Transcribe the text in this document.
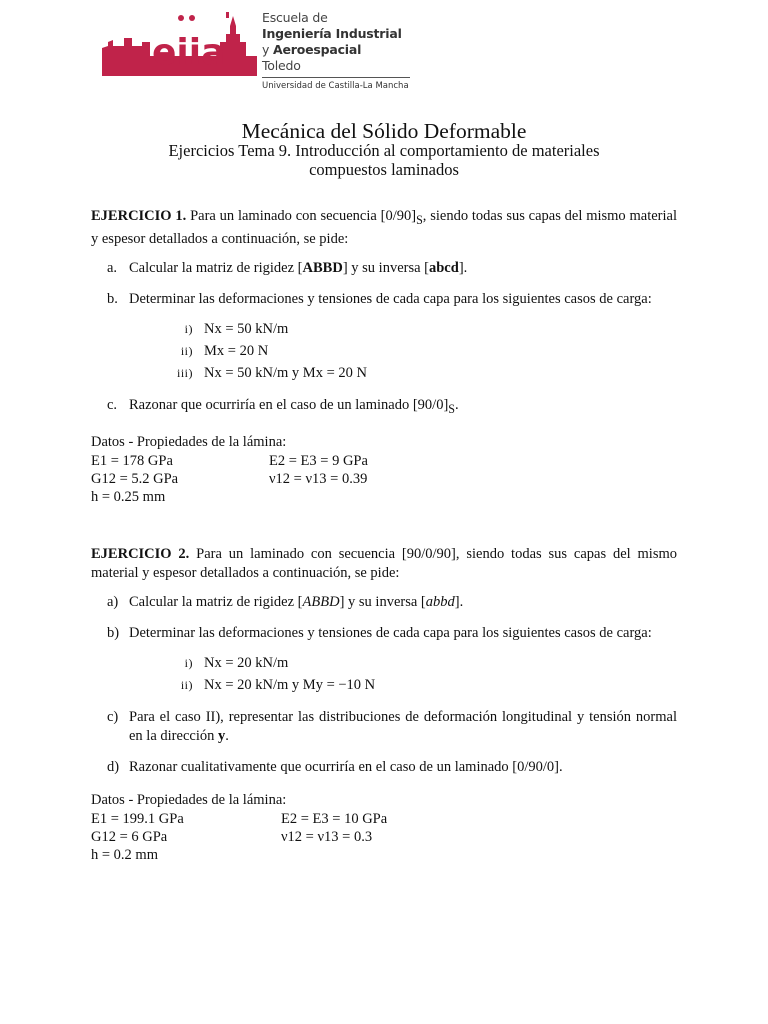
eiia
Escuela de
Ingeniería Industrial
y Aeroespacial
Toledo
Universidad de Castilla-La Mancha
Mecánica del Sólido Deformable
Ejercicios Tema 9. Introducción al comportamiento de materiales
compuestos laminados

EJERCICIO 1. Para un laminado con secuencia $[0/90]_S$, siendo todas sus capas del mismo material y espesor detallados a continuación, se pide:

a. Calcular la matriz de rigidez [ABBD] y su inversa [abcd].
b. Determinar las deformaciones y tensiones de cada capa para los siguientes casos de carga:
i) Nx = 50 kN/m
ii) Mx = 20 N
iii) Nx = 50 kN/m y Mx = 20 N
c. Razonar que ocurriría en el caso de un laminado $[90/0]_S$.
Datos - Propiedades de la lámina:
E1 = 178 GPa	E2 = E3 = 9 GPa
G12 = 5.2 GPa	ν12 = ν13 = 0.39
h = 0.25 mm

EJERCICIO 2. Para un laminado con secuencia [90/0/90], siendo todas sus capas del mismo material y espesor detallados a continuación, se pide:

a) Calcular la matriz de rigidez [ABBD] y su inversa [abbd].
b) Determinar las deformaciones y tensiones de cada capa para los siguientes casos de carga:
i) Nx = 20 kN/m
ii) Nx = 20 kN/m y My = −10 N
c) Para el caso II), representar las distribuciones de deformación longitudinal y tensión normal en la dirección y.
d) Razonar cualitativamente que ocurriría en el caso de un laminado [0/90/0].
Datos - Propiedades de la lámina:
E1 = 199.1 GPa	E2 = E3 = 10 GPa
G12 = 6 GPa	ν12 = ν13 = 0.3
h = 0.2 mm
